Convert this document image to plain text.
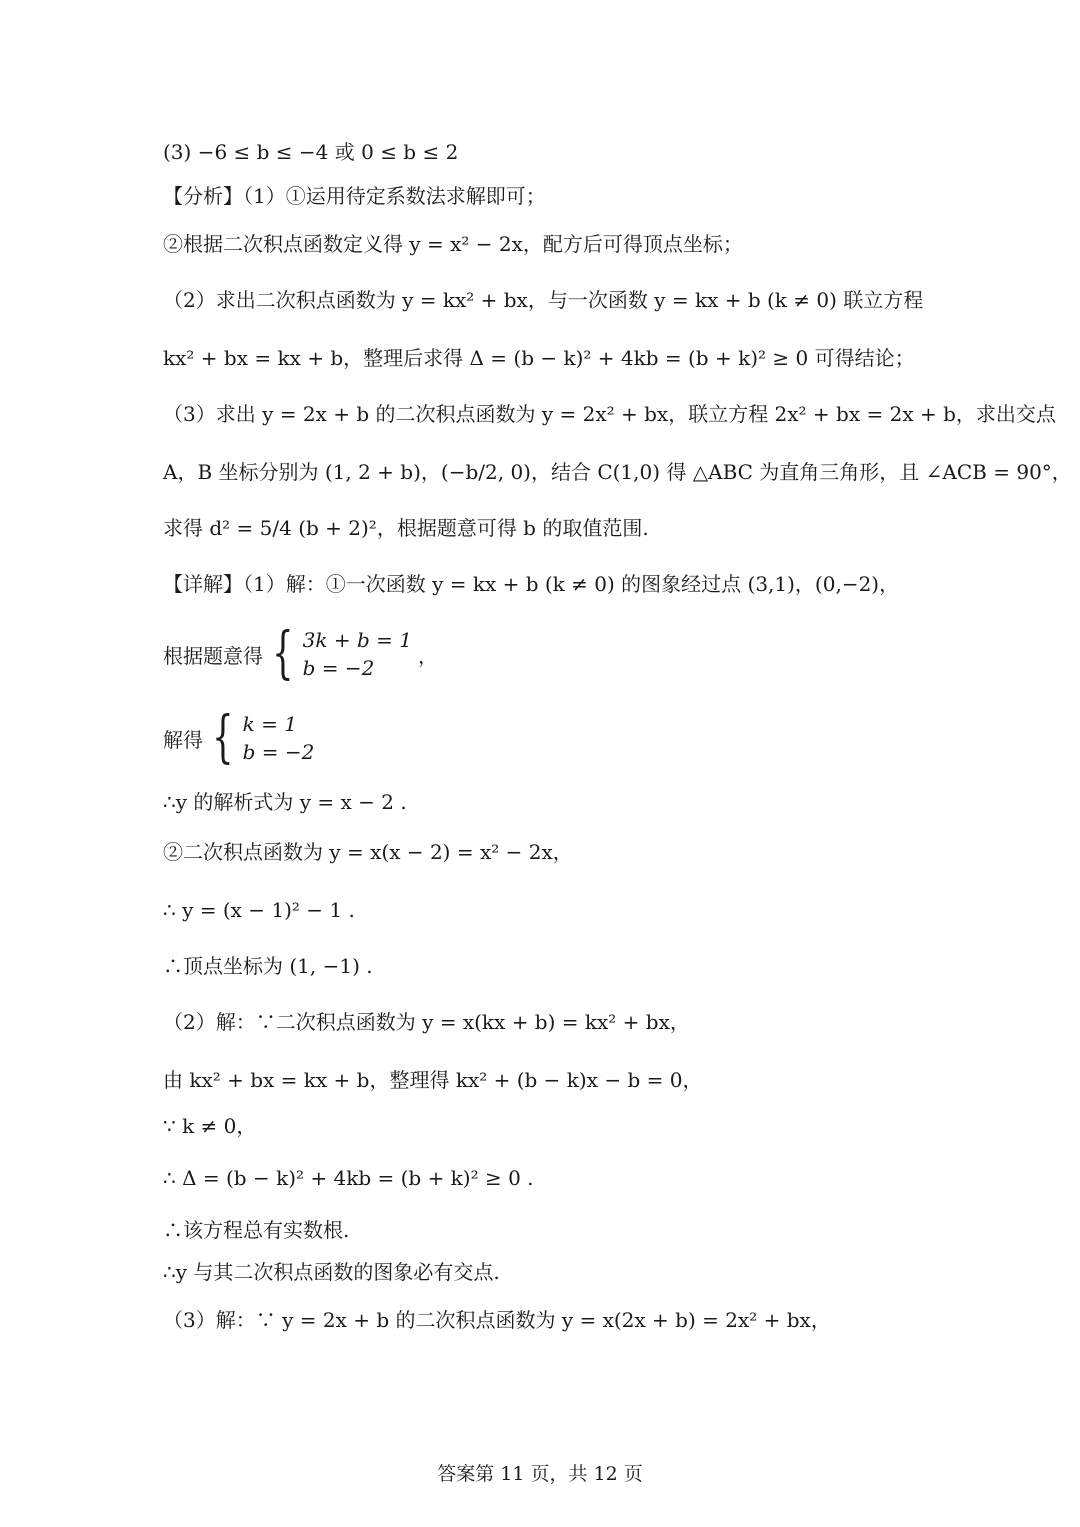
(3) −6 ≤ b ≤ −4 或 0 ≤ b ≤ 2
【分析】（1）①运用待定系数法求解即可；
②根据二次积点函数定义得 y = x² − 2x，配方后可得顶点坐标；
（2）求出二次积点函数为 y = kx² + bx，与一次函数 y = kx + b (k ≠ 0) 联立方程
kx² + bx = kx + b，整理后求得 Δ = (b − k)² + 4kb = (b + k)² ≥ 0 可得结论；
（3）求出 y = 2x + b 的二次积点函数为 y = 2x² + bx，联立方程 2x² + bx = 2x + b，求出交点
A，B 坐标分别为 (1, 2 + b)，(−b/2, 0)，结合 C(1,0) 得 △ABC 为直角三角形，且 ∠ACB = 90°，
求得 d² = 5/4 (b + 2)²，根据题意可得 b 的取值范围.
【详解】（1）解：①一次函数 y = kx + b (k ≠ 0) 的图象经过点 (3,1)，(0,−2)，
根据题意得 { 3k + b = 1
b = −2
，
解得 { k = 1
b = −2
∴y 的解析式为 y = x − 2 .
②二次积点函数为 y = x(x − 2) = x² − 2x，
∴ y = (x − 1)² − 1 .
∴顶点坐标为 (1, −1) .
（2）解：∵二次积点函数为 y = x(kx + b) = kx² + bx，
由 kx² + bx = kx + b，整理得 kx² + (b − k)x − b = 0，
∵ k ≠ 0，
∴ Δ = (b − k)² + 4kb = (b + k)² ≥ 0 .
∴该方程总有实数根.
∴y 与其二次积点函数的图象必有交点.
（3）解：∵ y = 2x + b 的二次积点函数为 y = x(2x + b) = 2x² + bx，
答案第 11 页，共 12 页
